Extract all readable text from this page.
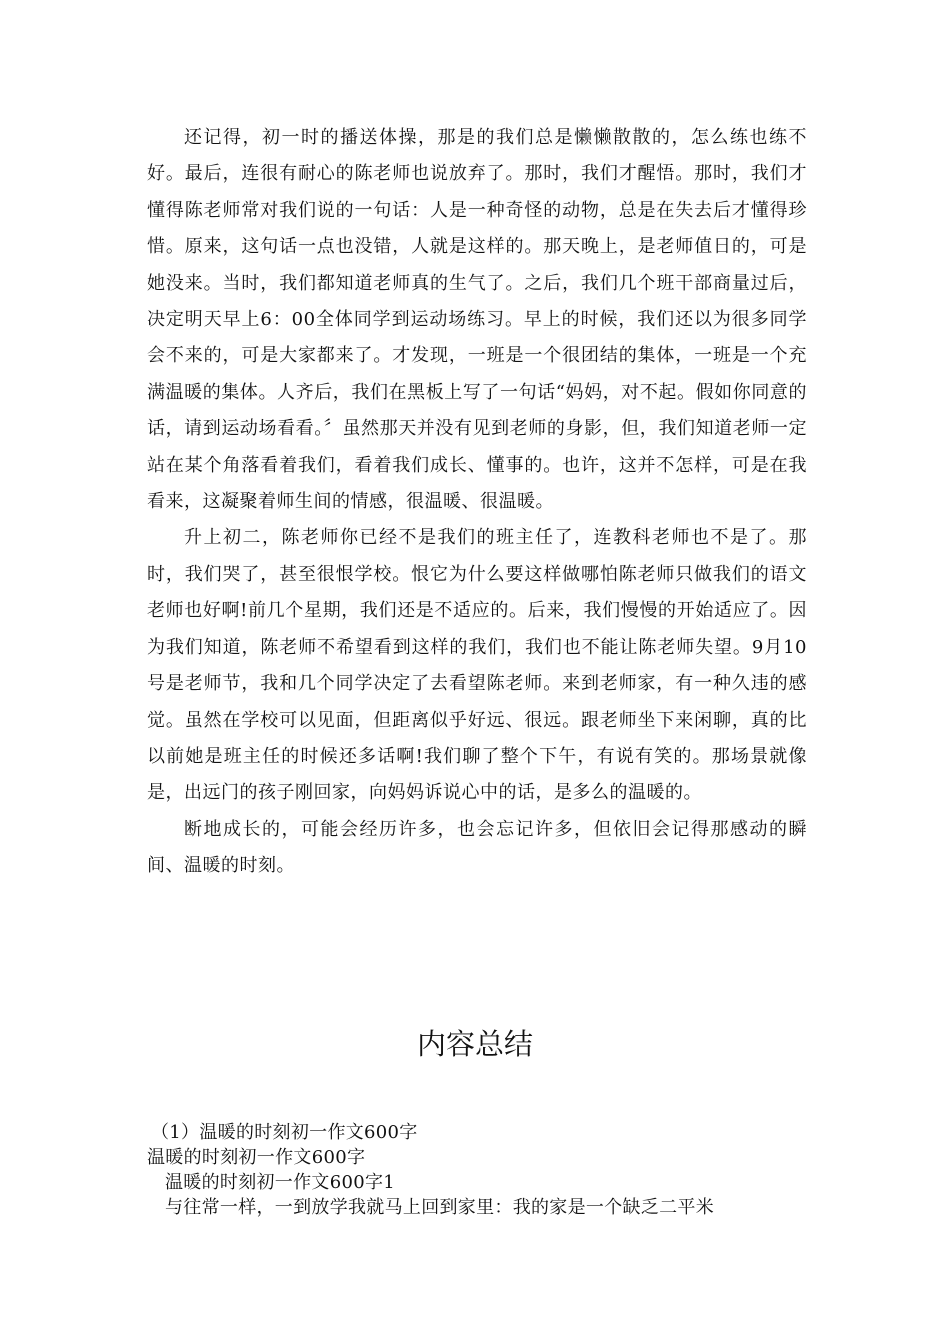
还记得，初一时的播送体操，那是的我们总是懒懒散散的，怎么练也练不好。最后，连很有耐心的陈老师也说放弃了。那时，我们才醒悟。那时，我们才懂得陈老师常对我们说的一句话：人是一种奇怪的动物，总是在失去后才懂得珍惜。原来，这句话一点也没错，人就是这样的。那天晚上，是老师值日的，可是她没来。当时，我们都知道老师真的生气了。之后，我们几个班干部商量过后，决定明天早上6：00全体同学到运动场练习。早上的时候，我们还以为很多同学会不来的，可是大家都来了。才发现，一班是一个很团结的集体，一班是一个充满温暖的集体。人齐后，我们在黑板上写了一句话“妈妈，对不起。假如你同意的话，请到运动场看看。〞虽然那天并没有见到老师的身影，但，我们知道老师一定站在某个角落看着我们，看着我们成长、懂事的。也许，这并不怎样，可是在我看来，这凝聚着师生间的情感，很温暖、很温暖。

升上初二，陈老师你已经不是我们的班主任了，连教科老师也不是了。那时，我们哭了，甚至很恨学校。恨它为什么要这样做哪怕陈老师只做我们的语文老师也好啊!前几个星期，我们还是不适应的。后来，我们慢慢的开始适应了。因为我们知道，陈老师不希望看到这样的我们，我们也不能让陈老师失望。9月10号是老师节，我和几个同学决定了去看望陈老师。来到老师家，有一种久违的感觉。虽然在学校可以见面，但距离似乎好远、很远。跟老师坐下来闲聊，真的比以前她是班主任的时候还多话啊!我们聊了整个下午，有说有笑的。那场景就像是，出远门的孩子刚回家，向妈妈诉说心中的话，是多么的温暖的。

断地成长的，可能会经历许多，也会忘记许多，但依旧会记得那感动的瞬间、温暖的时刻。

内容总结
（1）温暖的时刻初一作文600字
温暖的时刻初一作文600字
温暖的时刻初一作文600字1
与往常一样，一到放学我就马上回到家里：我的家是一个缺乏二平米
